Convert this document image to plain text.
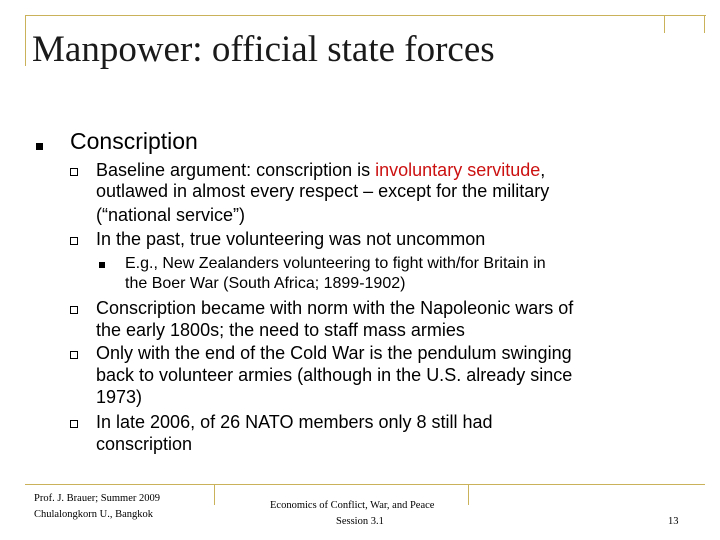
Manpower: official state forces
Conscription
Baseline argument: conscription is involuntary servitude,
outlawed in almost every respect – except for the military
(“national service”)
In the past, true volunteering was not uncommon
E.g., New Zealanders volunteering to fight with/for Britain in
the Boer War (South Africa; 1899-1902)
Conscription became with norm with the Napoleonic wars of
the early 1800s; the need to staff mass armies
Only with the end of the Cold War is the pendulum swinging
back to volunteer armies (although in the U.S. already since
1973)
In late 2006, of 26 NATO members only 8 still had
conscription
Prof. J. Brauer; Summer 2009
Chulalongkorn U., Bangkok
Economics of Conflict, War, and Peace
Session 3.1	13
